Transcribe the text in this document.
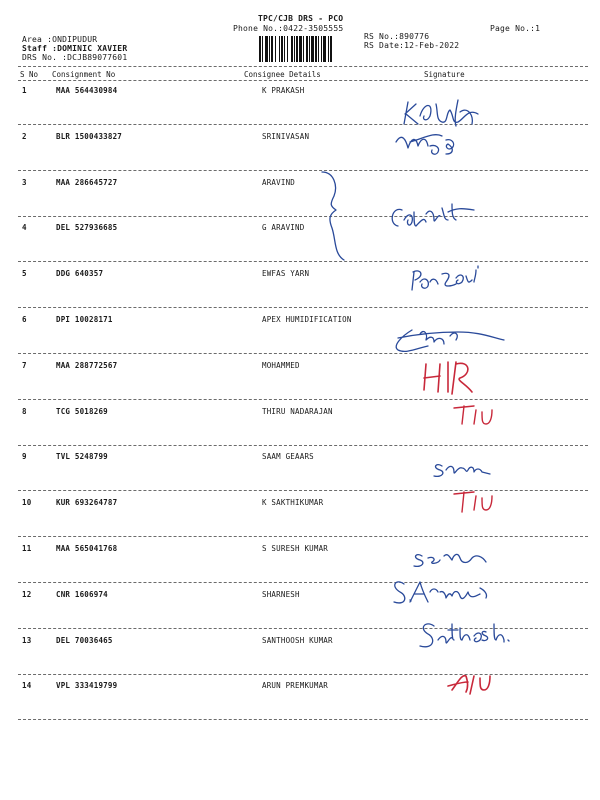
TPC/CJB DRS - PCO
Phone No.:0422-3505555
Area :ONDIPUDUR
Staff :DOMINIC XAVIER
DRS No. :DCJB89077601
RS No.:890776
RS Date:12-Feb-2022
Page No.:1
S No Consignment No	Consignee Details	Signature
1	MAA 564430984	K PRAKASH
2	BLR 1500433827	SRINIVASAN
3	MAA 286645727	ARAVIND
4	DEL 527936685	G ARAVIND
5	DDG 640357	EWFAS YARN
6	DPI 10028171	APEX HUMIDIFICATION
7	MAA 288772567	MOHAMMED
8	TCG 5018269	THIRU NADARAJAN
9	TVL 5248799	SAAM GEAARS
10	KUR 693264787	K SAKTHIKUMAR
11	MAA 565041768	S SURESH KUMAR
12	CNR 1606974	SHARNESH
13	DEL 70036465	SANTHOOSH KUMAR
14	VPL 333419799	ARUN PREMKUMAR
